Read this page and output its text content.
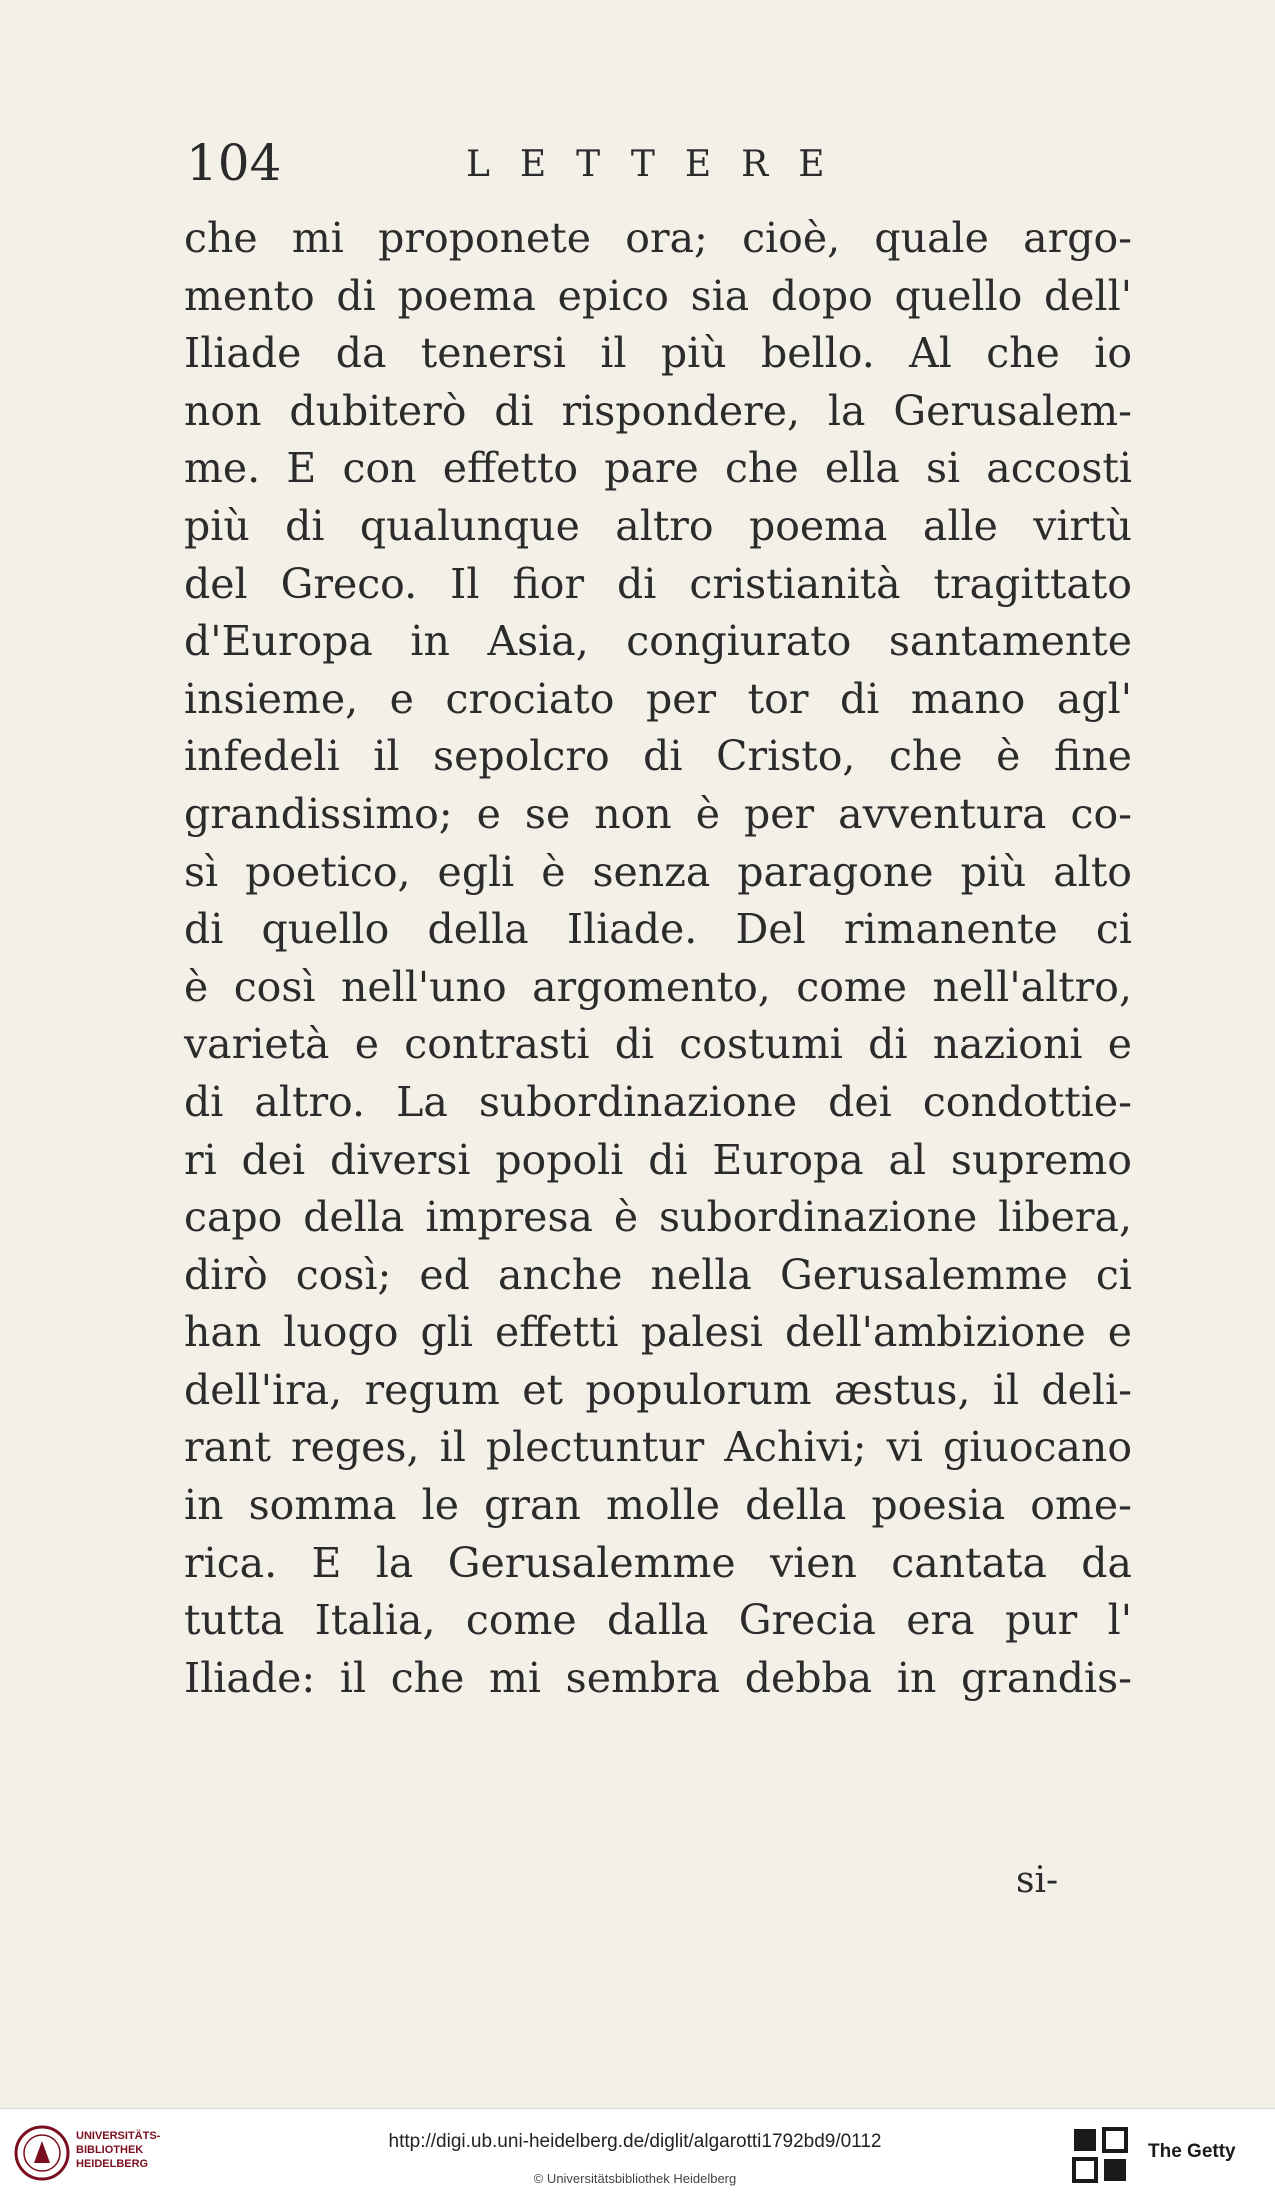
104	LETTERE
che mi proponete ora; cioè, quale argo-
mento di poema epico sia dopo quello dell'
Iliade da tenersi il più bello. Al che io
non dubiterò di rispondere, la Gerusalem-
me. E con effetto pare che ella si accosti
più di qualunque altro poema alle virtù
del Greco. Il fior di cristianità tragittato
d'Europa in Asia, congiurato santamente
insieme, e crociato per tor di mano agl'
infedeli il sepolcro di Cristo, che è fine
grandissimo; e se non è per avventura co-
sì poetico, egli è senza paragone più alto
di quello della Iliade. Del rimanente ci
è così nell'uno argomento, come nell'altro,
varietà e contrasti di costumi di nazioni e
di altro. La subordinazione dei condottie-
ri dei diversi popoli di Europa al supremo
capo della impresa è subordinazione libera,
dirò così; ed anche nella Gerusalemme ci
han luogo gli effetti palesi dell'ambizione e
dell'ira, regum et populorum æstus, il deli-
rant reges, il plectuntur Achivi; vi giuocano
in somma le gran molle della poesia ome-
rica. E la Gerusalemme vien cantata da
tutta Italia, come dalla Grecia era pur l'
Iliade: il che mi sembra debba in grandis-
si-
UNIVERSITÄTS-
BIBLIOTHEK
HEIDELBERG
http://digi.ub.uni-heidelberg.de/diglit/algarotti1792bd9/0112
© Universitätsbibliothek Heidelberg
The Getty
